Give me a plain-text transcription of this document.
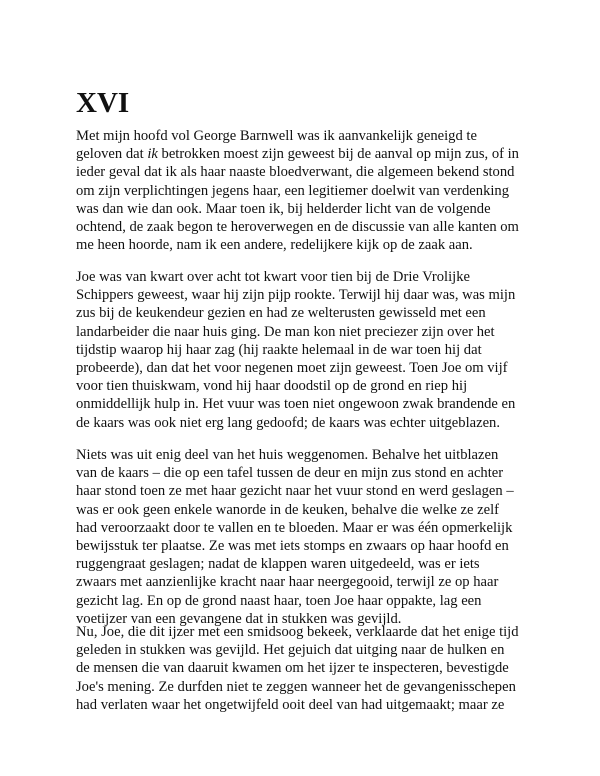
XVI

Met mijn hoofd vol George Barnwell was ik aanvankelijk geneigd te
geloven dat ik betrokken moest zijn geweest bij de aanval op mijn zus, of in
ieder geval dat ik als haar naaste bloedverwant, die algemeen bekend stond
om zijn verplichtingen jegens haar, een legitiemer doelwit van verdenking
was dan wie dan ook. Maar toen ik, bij helderder licht van de volgende
ochtend, de zaak begon te heroverwegen en de discussie van alle kanten om
me heen hoorde, nam ik een andere, redelijkere kijk op de zaak aan.

Joe was van kwart over acht tot kwart voor tien bij de Drie Vrolijke
Schippers geweest, waar hij zijn pijp rookte. Terwijl hij daar was, was mijn
zus bij de keukendeur gezien en had ze welterusten gewisseld met een
landarbeider die naar huis ging. De man kon niet preciezer zijn over het
tijdstip waarop hij haar zag (hij raakte helemaal in de war toen hij dat
probeerde), dan dat het voor negenen moet zijn geweest. Toen Joe om vijf
voor tien thuiskwam, vond hij haar doodstil op de grond en riep hij
onmiddellijk hulp in. Het vuur was toen niet ongewoon zwak brandende en
de kaars was ook niet erg lang gedoofd; de kaars was echter uitgeblazen.

Niets was uit enig deel van het huis weggenomen. Behalve het uitblazen
van de kaars – die op een tafel tussen de deur en mijn zus stond en achter
haar stond toen ze met haar gezicht naar het vuur stond en werd geslagen –
was er ook geen enkele wanorde in de keuken, behalve die welke ze zelf
had veroorzaakt door te vallen en te bloeden. Maar er was één opmerkelijk
bewijsstuk ter plaatse. Ze was met iets stomps en zwaars op haar hoofd en
ruggengraat geslagen; nadat de klappen waren uitgedeeld, was er iets
zwaars met aanzienlijke kracht naar haar neergegooid, terwijl ze op haar
gezicht lag. En op de grond naast haar, toen Joe haar oppakte, lag een
voetijzer van een gevangene dat in stukken was gevijld.

Nu, Joe, die dit ijzer met een smidsoog bekeek, verklaarde dat het enige tijd
geleden in stukken was gevijld. Het gejuich dat uitging naar de hulken en
de mensen die van daaruit kwamen om het ijzer te inspecteren, bevestigde
Joe's mening. Ze durfden niet te zeggen wanneer het de gevangenisschepen
had verlaten waar het ongetwijfeld ooit deel van had uitgemaakt; maar ze
